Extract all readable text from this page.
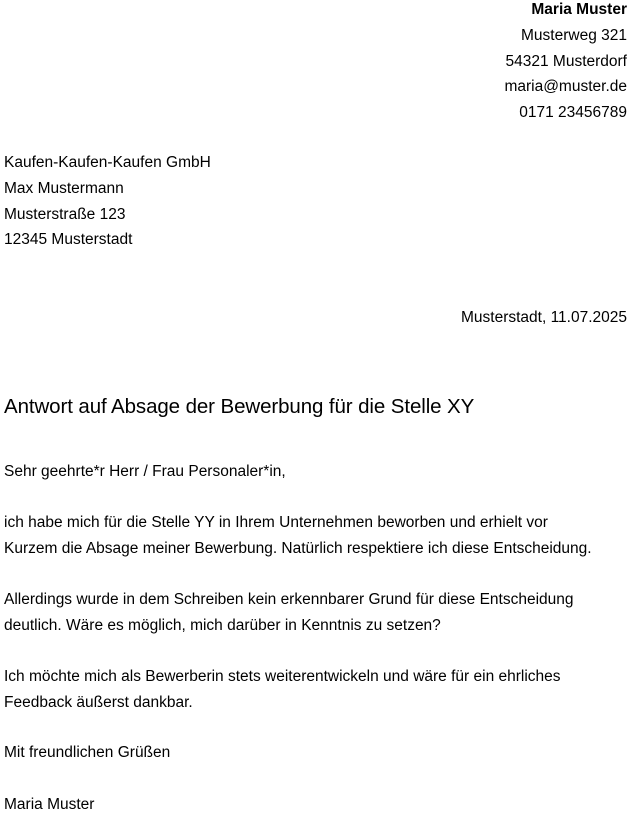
Maria Muster
Musterweg 321
54321 Musterdorf
maria@muster.de
0171 23456789
Kaufen-Kaufen-Kaufen GmbH
Max Mustermann
Musterstraße 123
12345 Musterstadt
Musterstadt, 11.07.2025
Antwort auf Absage der Bewerbung für die Stelle XY

Sehr geehrte*r Herr / Frau Personaler*in,

ich habe mich für die Stelle YY in Ihrem Unternehmen beworben und erhielt vor
Kurzem die Absage meiner Bewerbung. Natürlich respektiere ich diese Entscheidung.

Allerdings wurde in dem Schreiben kein erkennbarer Grund für diese Entscheidung
deutlich. Wäre es möglich, mich darüber in Kenntnis zu setzen?

Ich möchte mich als Bewerberin stets weiterentwickeln und wäre für ein ehrliches
Feedback äußerst dankbar.

Mit freundlichen Grüßen

Maria Muster
